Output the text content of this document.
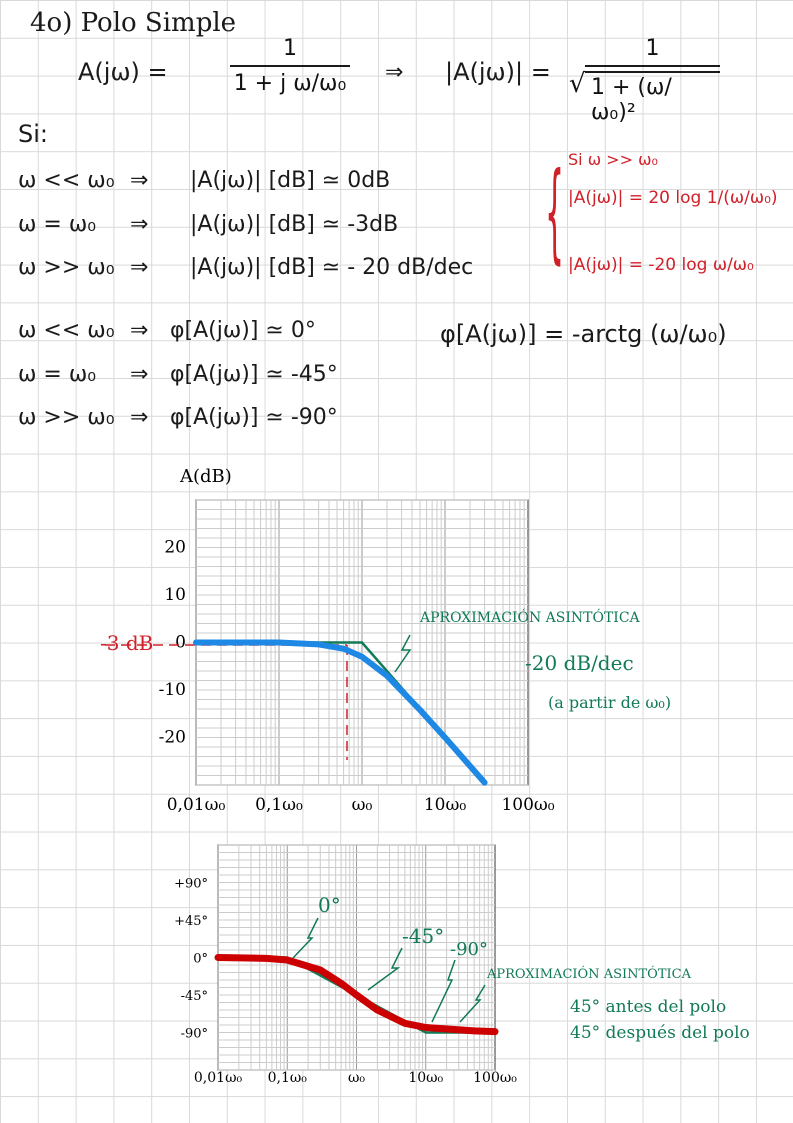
4o) Polo Simple
A(jω) =
1
1 + j ω/ω₀ ⇒ |A(jω)| = 1
√ 1 + (ω/ω₀)²
Si:
ω << ω₀ ⇒ |A(jω)| [dB] ≃ 0dB
ω = ω₀ ⇒ |A(jω)| [dB] ≃ -3dB
ω >> ω₀ ⇒ |A(jω)| [dB] ≃ - 20 dB/dec { Si ω >> ω₀
|A(jω)| = 20 log 1/(ω/ω₀)
|A(jω)| = -20 log ω/ω₀
ω << ω₀ ⇒ φ[A(jω)] ≃ 0°
ω = ω₀ ⇒ φ[A(jω)] ≃ -45°
ω >> ω₀ ⇒ φ[A(jω)] ≃ -90°
φ[A(jω)] = -arctg (ω/ω₀)
A(dB)
20
10
0
-10
-20
0,01ω₀ 0,1ω₀	ω₀	10ω₀ 100ω₀
-3 dB
APROXIMACIÓN ASINTÓTICA
-20 dB/dec
(a partir de ω₀)
+90°
+45°
0°
-45°
-90°
0,01ω₀ 0,1ω₀	ω₀	10ω₀ 100ω₀
0°
-45°
-90°
APROXIMACIÓN ASINTÓTICA
45° antes del polo
45° después del polo
